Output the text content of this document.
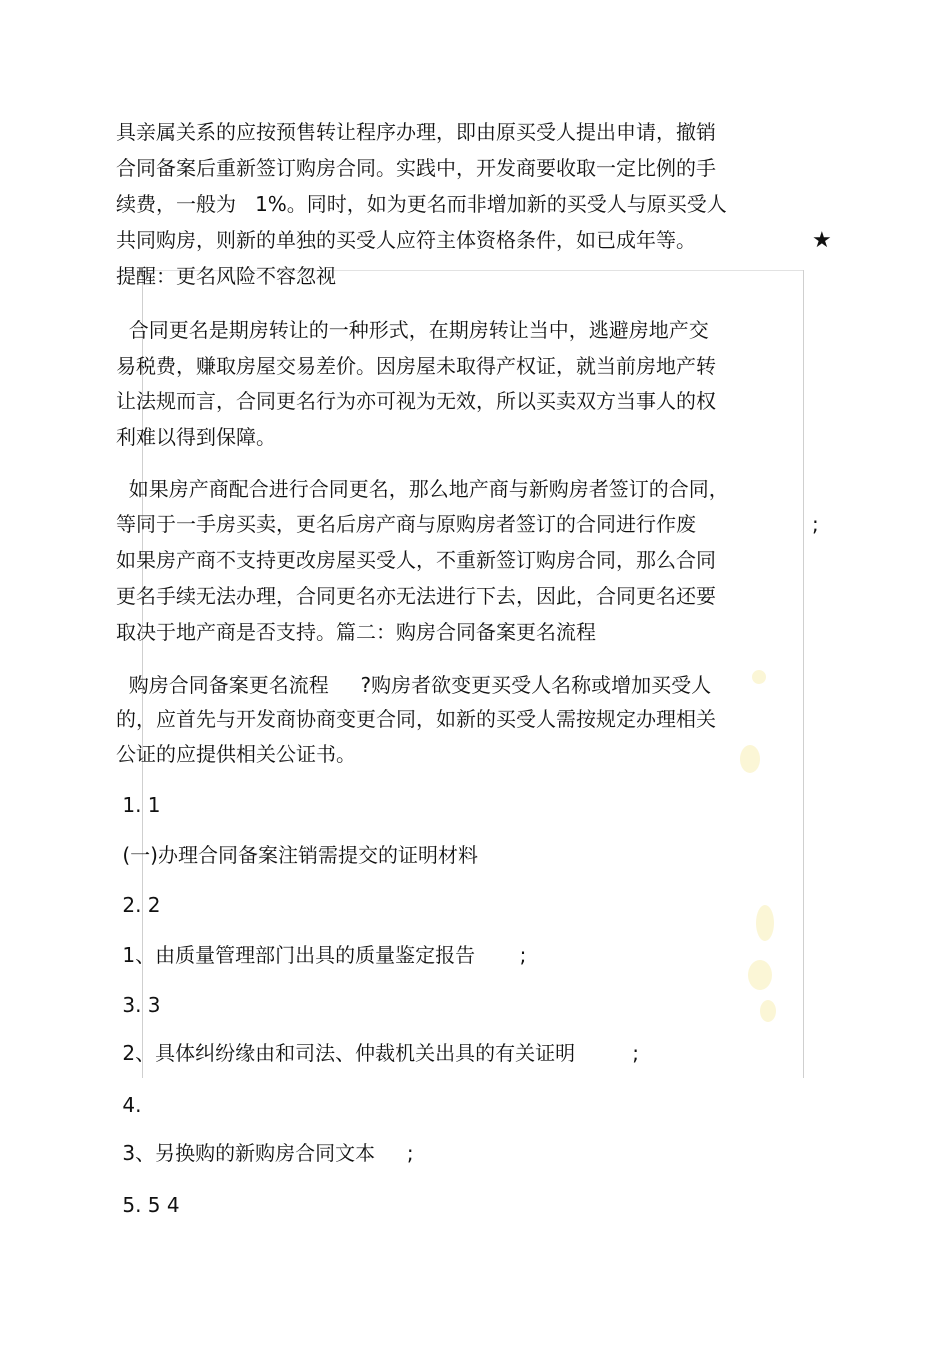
具亲属关系的应按预售转让程序办理，即由原买受人提出申请，撤销
合同备案后重新签订购房合同。实践中，开发商要收取一定比例的手
续费，一般为   1%。同时，如为更名而非增加新的买受人与原买受人
共同购房，则新的单独的买受人应符主体资格条件，如已成年等。	★
提醒：更名风险不容忽视
合同更名是期房转让的一种形式，在期房转让当中，逃避房地产交
易税费，赚取房屋交易差价。因房屋未取得产权证，就当前房地产转
让法规而言，合同更名行为亦可视为无效，所以买卖双方当事人的权
利难以得到保障。
如果房产商配合进行合同更名，那么地产商与新购房者签订的合同，
等同于一手房买卖，更名后房产商与原购房者签订的合同进行作废	;
如果房产商不支持更改房屋买受人，不重新签订购房合同，那么合同
更名手续无法办理，合同更名亦无法进行下去，因此，合同更名还要
取决于地产商是否支持。篇二：购房合同备案更名流程
购房合同备案更名流程     ?购房者欲变更买受人名称或增加买受人
的，应首先与开发商协商变更合同，如新的买受人需按规定办理相关
公证的应提供相关公证书。
1. 1
(一)办理合同备案注销需提交的证明材料
2. 2
1、由质量管理部门出具的质量鉴定报告       ;
3. 3
2、具体纠纷缘由和司法、仲裁机关出具的有关证明         ;
4.
3、另换购的新购房合同文本     ;
5. 5 4
